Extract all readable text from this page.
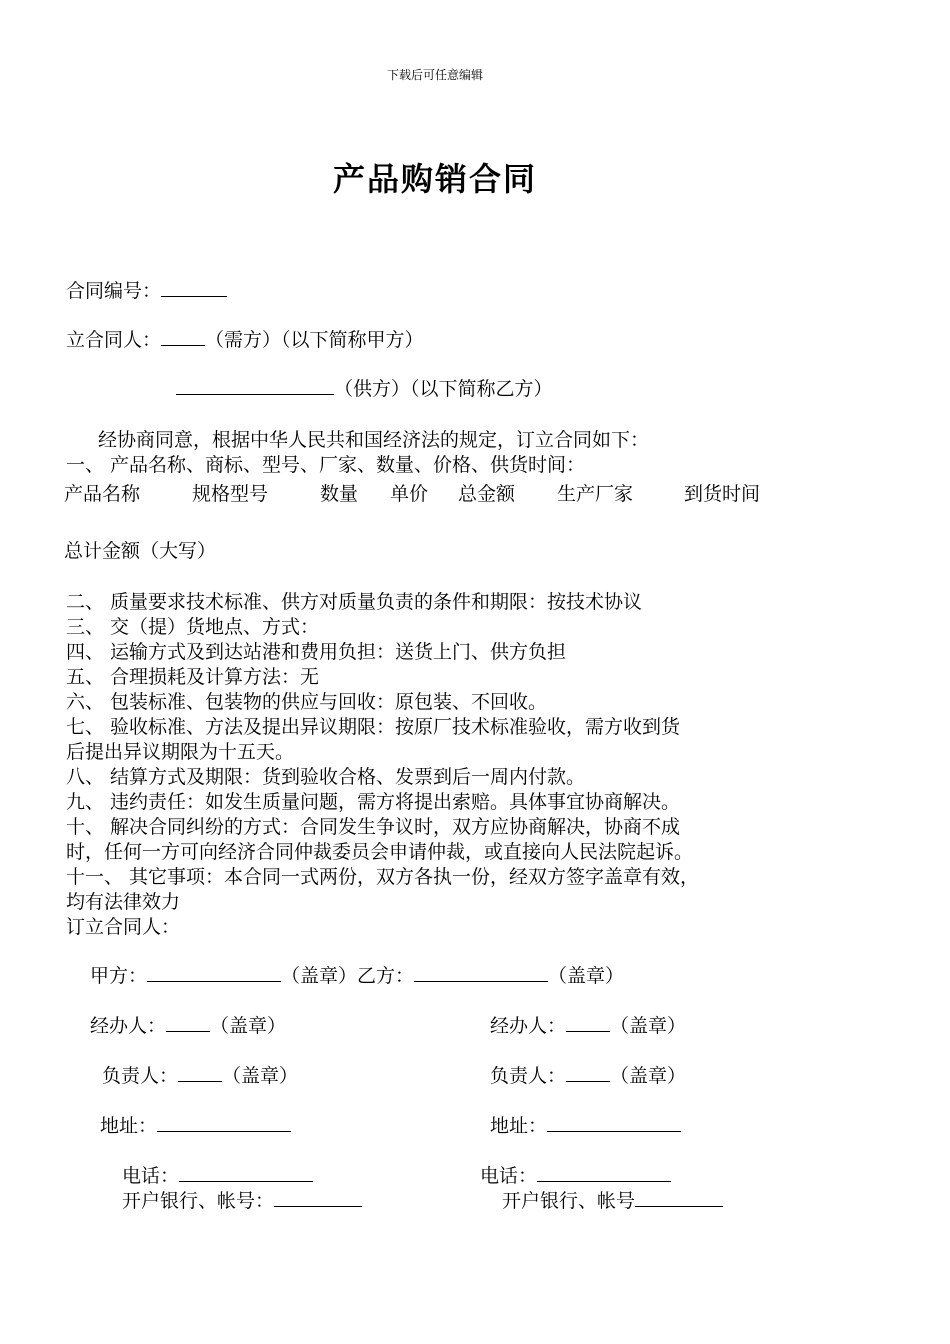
下载后可任意编辑
产品购销合同
合同编号：
立合同人： （需方）（以下简称甲方）
（供方）（以下简称乙方）
经协商同意，根据中华人民共和国经济法的规定，订立合同如下：
一、 产品名称、商标、型号、厂家、数量、价格、供货时间：
产品名称	规格型号	数量 单价 总金额 生产厂家	到货时间
总计金额（大写）
二、 质量要求技术标准、供方对质量负责的条件和期限：按技术协议
三、 交（提）货地点、方式：
四、 运输方式及到达站港和费用负担：送货上门、供方负担
五、 合理损耗及计算方法：无
六、 包装标准、包装物的供应与回收：原包装、不回收。
七、 验收标准、方法及提出异议期限：按原厂技术标准验收，需方收到货
后提出异议期限为十五天。
八、 结算方式及期限：货到验收合格、发票到后一周内付款。
九、 违约责任：如发生质量问题，需方将提出索赔。具体事宜协商解决。
十、 解决合同纠纷的方式：合同发生争议时，双方应协商解决，协商不成
时，任何一方可向经济合同仲裁委员会申请仲裁，或直接向人民法院起诉。
十一、 其它事项：本合同一式两份，双方各执一份，经双方签字盖章有效，
均有法律效力
订立合同人：
甲方：	（盖章）乙方：	（盖章）
经办人： （盖章）	经办人： （盖章）
负责人： （盖章）	负责人： （盖章）
地址：	地址：
电话：	电话：
开户银行、帐号：	开户银行、帐号
